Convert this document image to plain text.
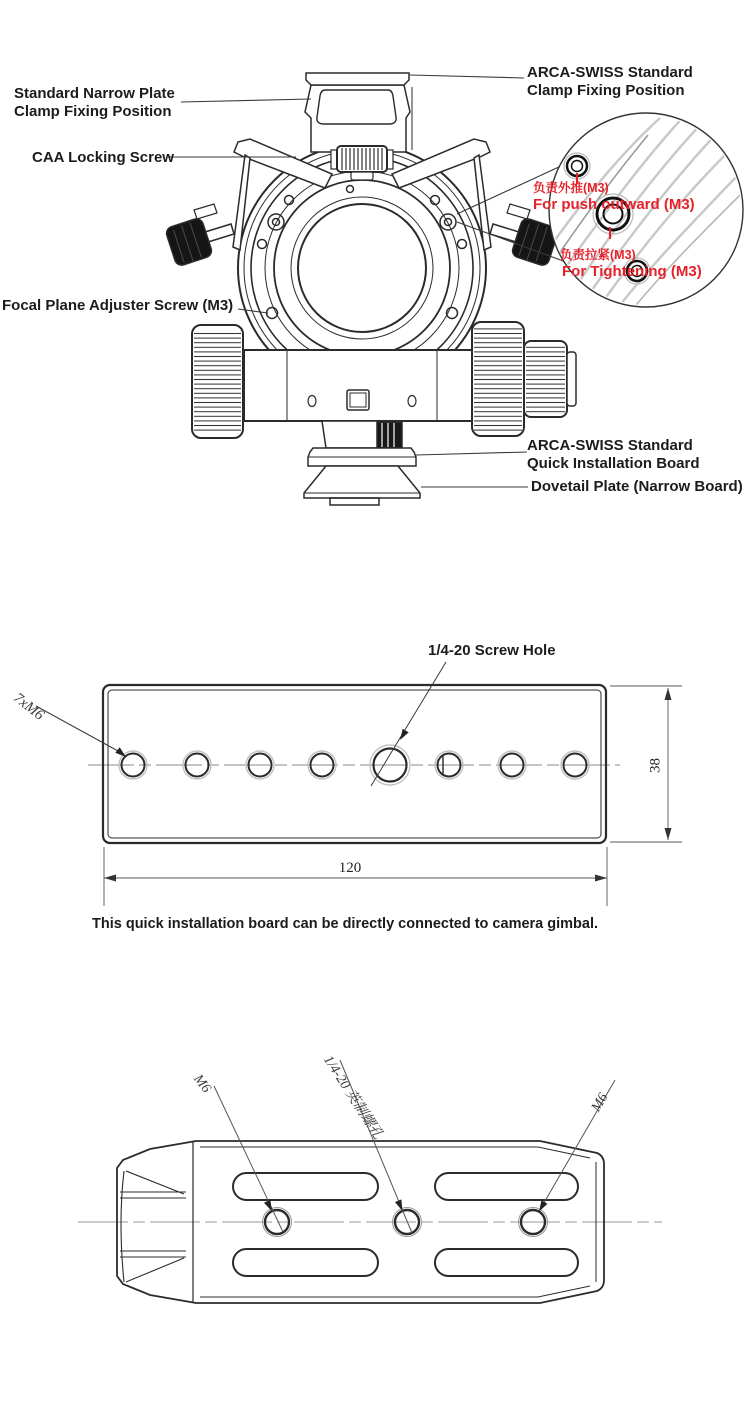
Standard Narrow Plate
Clamp Fixing Position
CAA Locking Screw
Focal Plane Adjuster Screw (M3)
ARCA-SWISS Standard
Clamp Fixing Position
负责外推(M3)
For push outward (M3)
负责拉紧(M3)
For Tightening (M3)
ARCA-SWISS Standard
Quick Installation Board
Dovetail Plate (Narrow Board)
1/4-20 Screw Hole
7xM6
120
38
This quick installation board can be directly connected to camera gimbal.
M6	1/4-20 英制螺孔	M6
